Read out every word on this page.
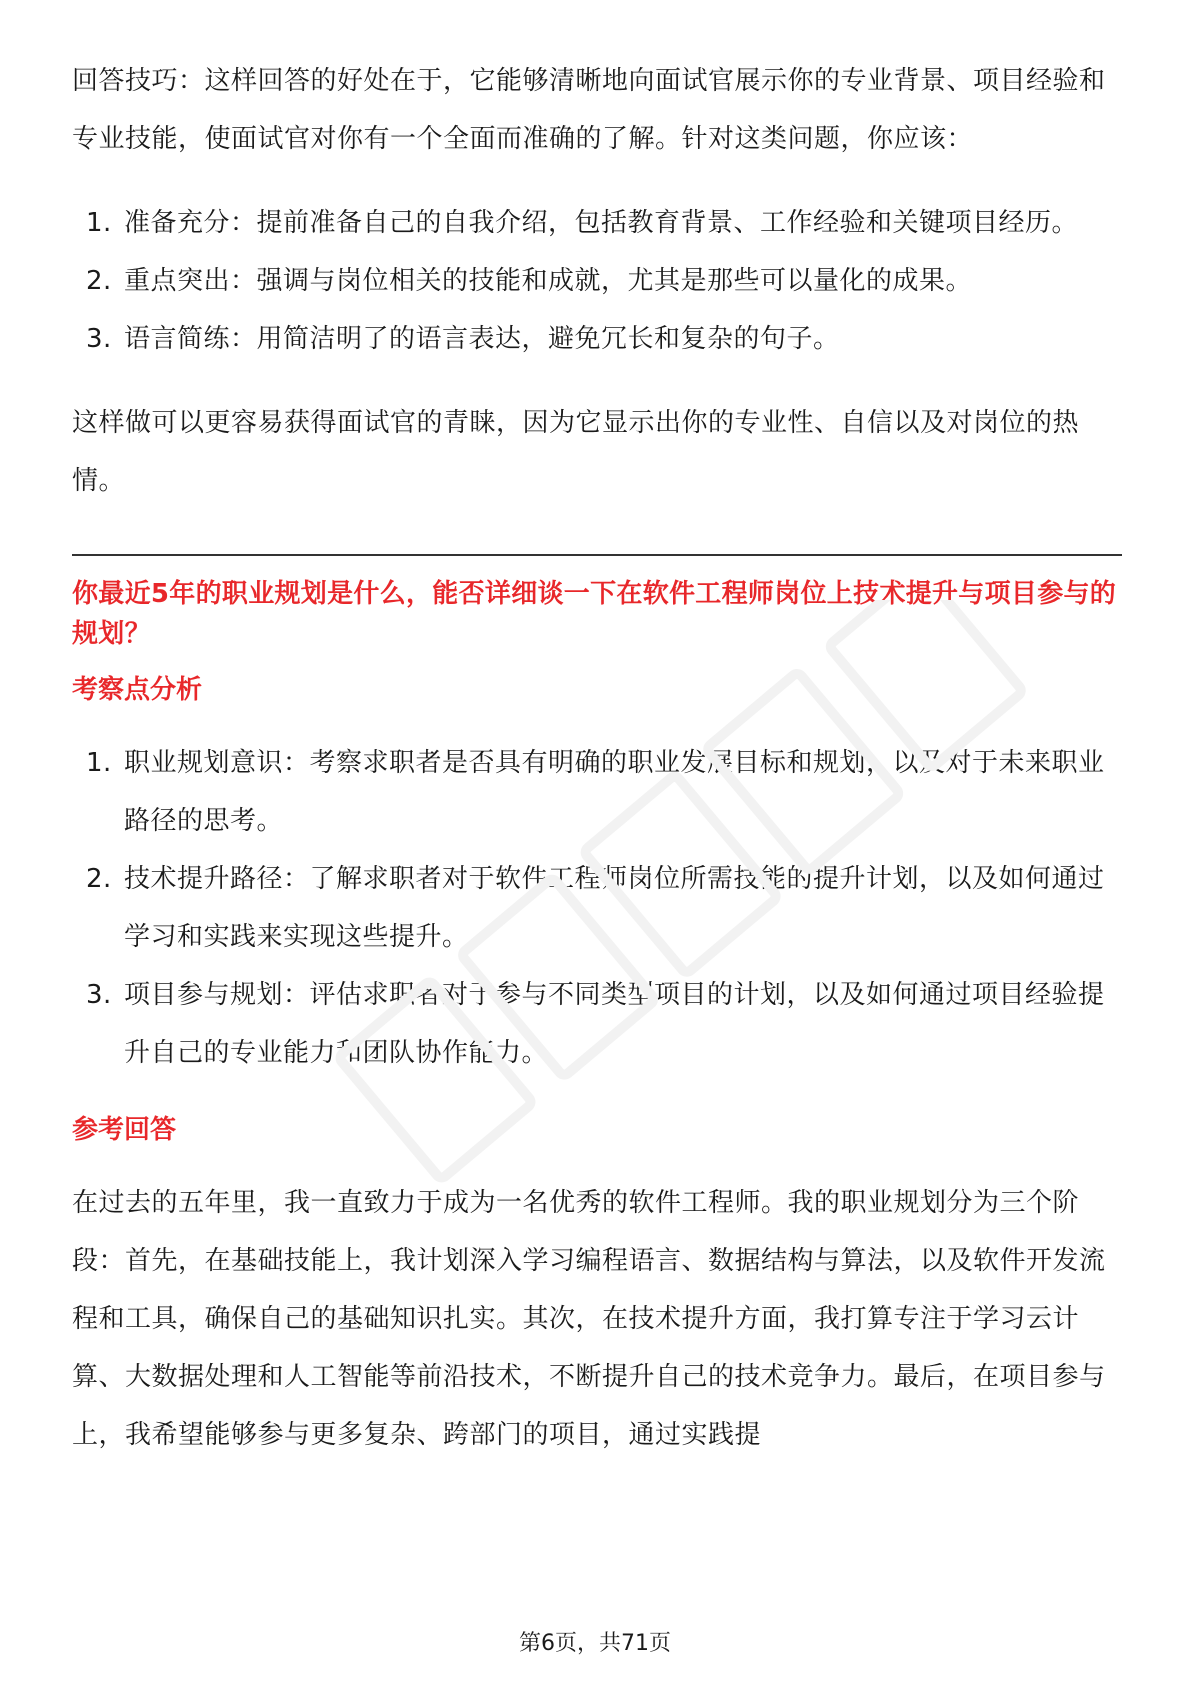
回答技巧：这样回答的好处在于，它能够清晰地向面试官展示你的专业背景、项目经验和专业技能，使面试官对你有一个全面而准确的了解。针对这类问题，你应该：

1. 准备充分：提前准备自己的自我介绍，包括教育背景、工作经验和关键项目经历。
2. 重点突出：强调与岗位相关的技能和成就，尤其是那些可以量化的成果。
3. 语言简练：用简洁明了的语言表达，避免冗长和复杂的句子。

这样做可以更容易获得面试官的青睐，因为它显示出你的专业性、自信以及对岗位的热情。

你最近5年的职业规划是什么，能否详细谈一下在软件工程师岗位上技术提升与项目参与的规划？

考察点分析

1. 职业规划意识：考察求职者是否具有明确的职业发展目标和规划，以及对于未来职业路径的思考。
2. 技术提升路径：了解求职者对于软件工程师岗位所需技能的提升计划，以及如何通过学习和实践来实现这些提升。
3. 项目参与规划：评估求职者对于参与不同类型项目的计划，以及如何通过项目经验提升自己的专业能力和团队协作能力。

参考回答

在过去的五年里，我一直致力于成为一名优秀的软件工程师。我的职业规划分为三个阶段：首先，在基础技能上，我计划深入学习编程语言、数据结构与算法，以及软件开发流程和工具，确保自己的基础知识扎实。其次，在技术提升方面，我打算专注于学习云计算、大数据处理和人工智能等前沿技术，不断提升自己的技术竞争力。最后，在项目参与上，我希望能够参与更多复杂、跨部门的项目，通过实践提

第6页，共71页
